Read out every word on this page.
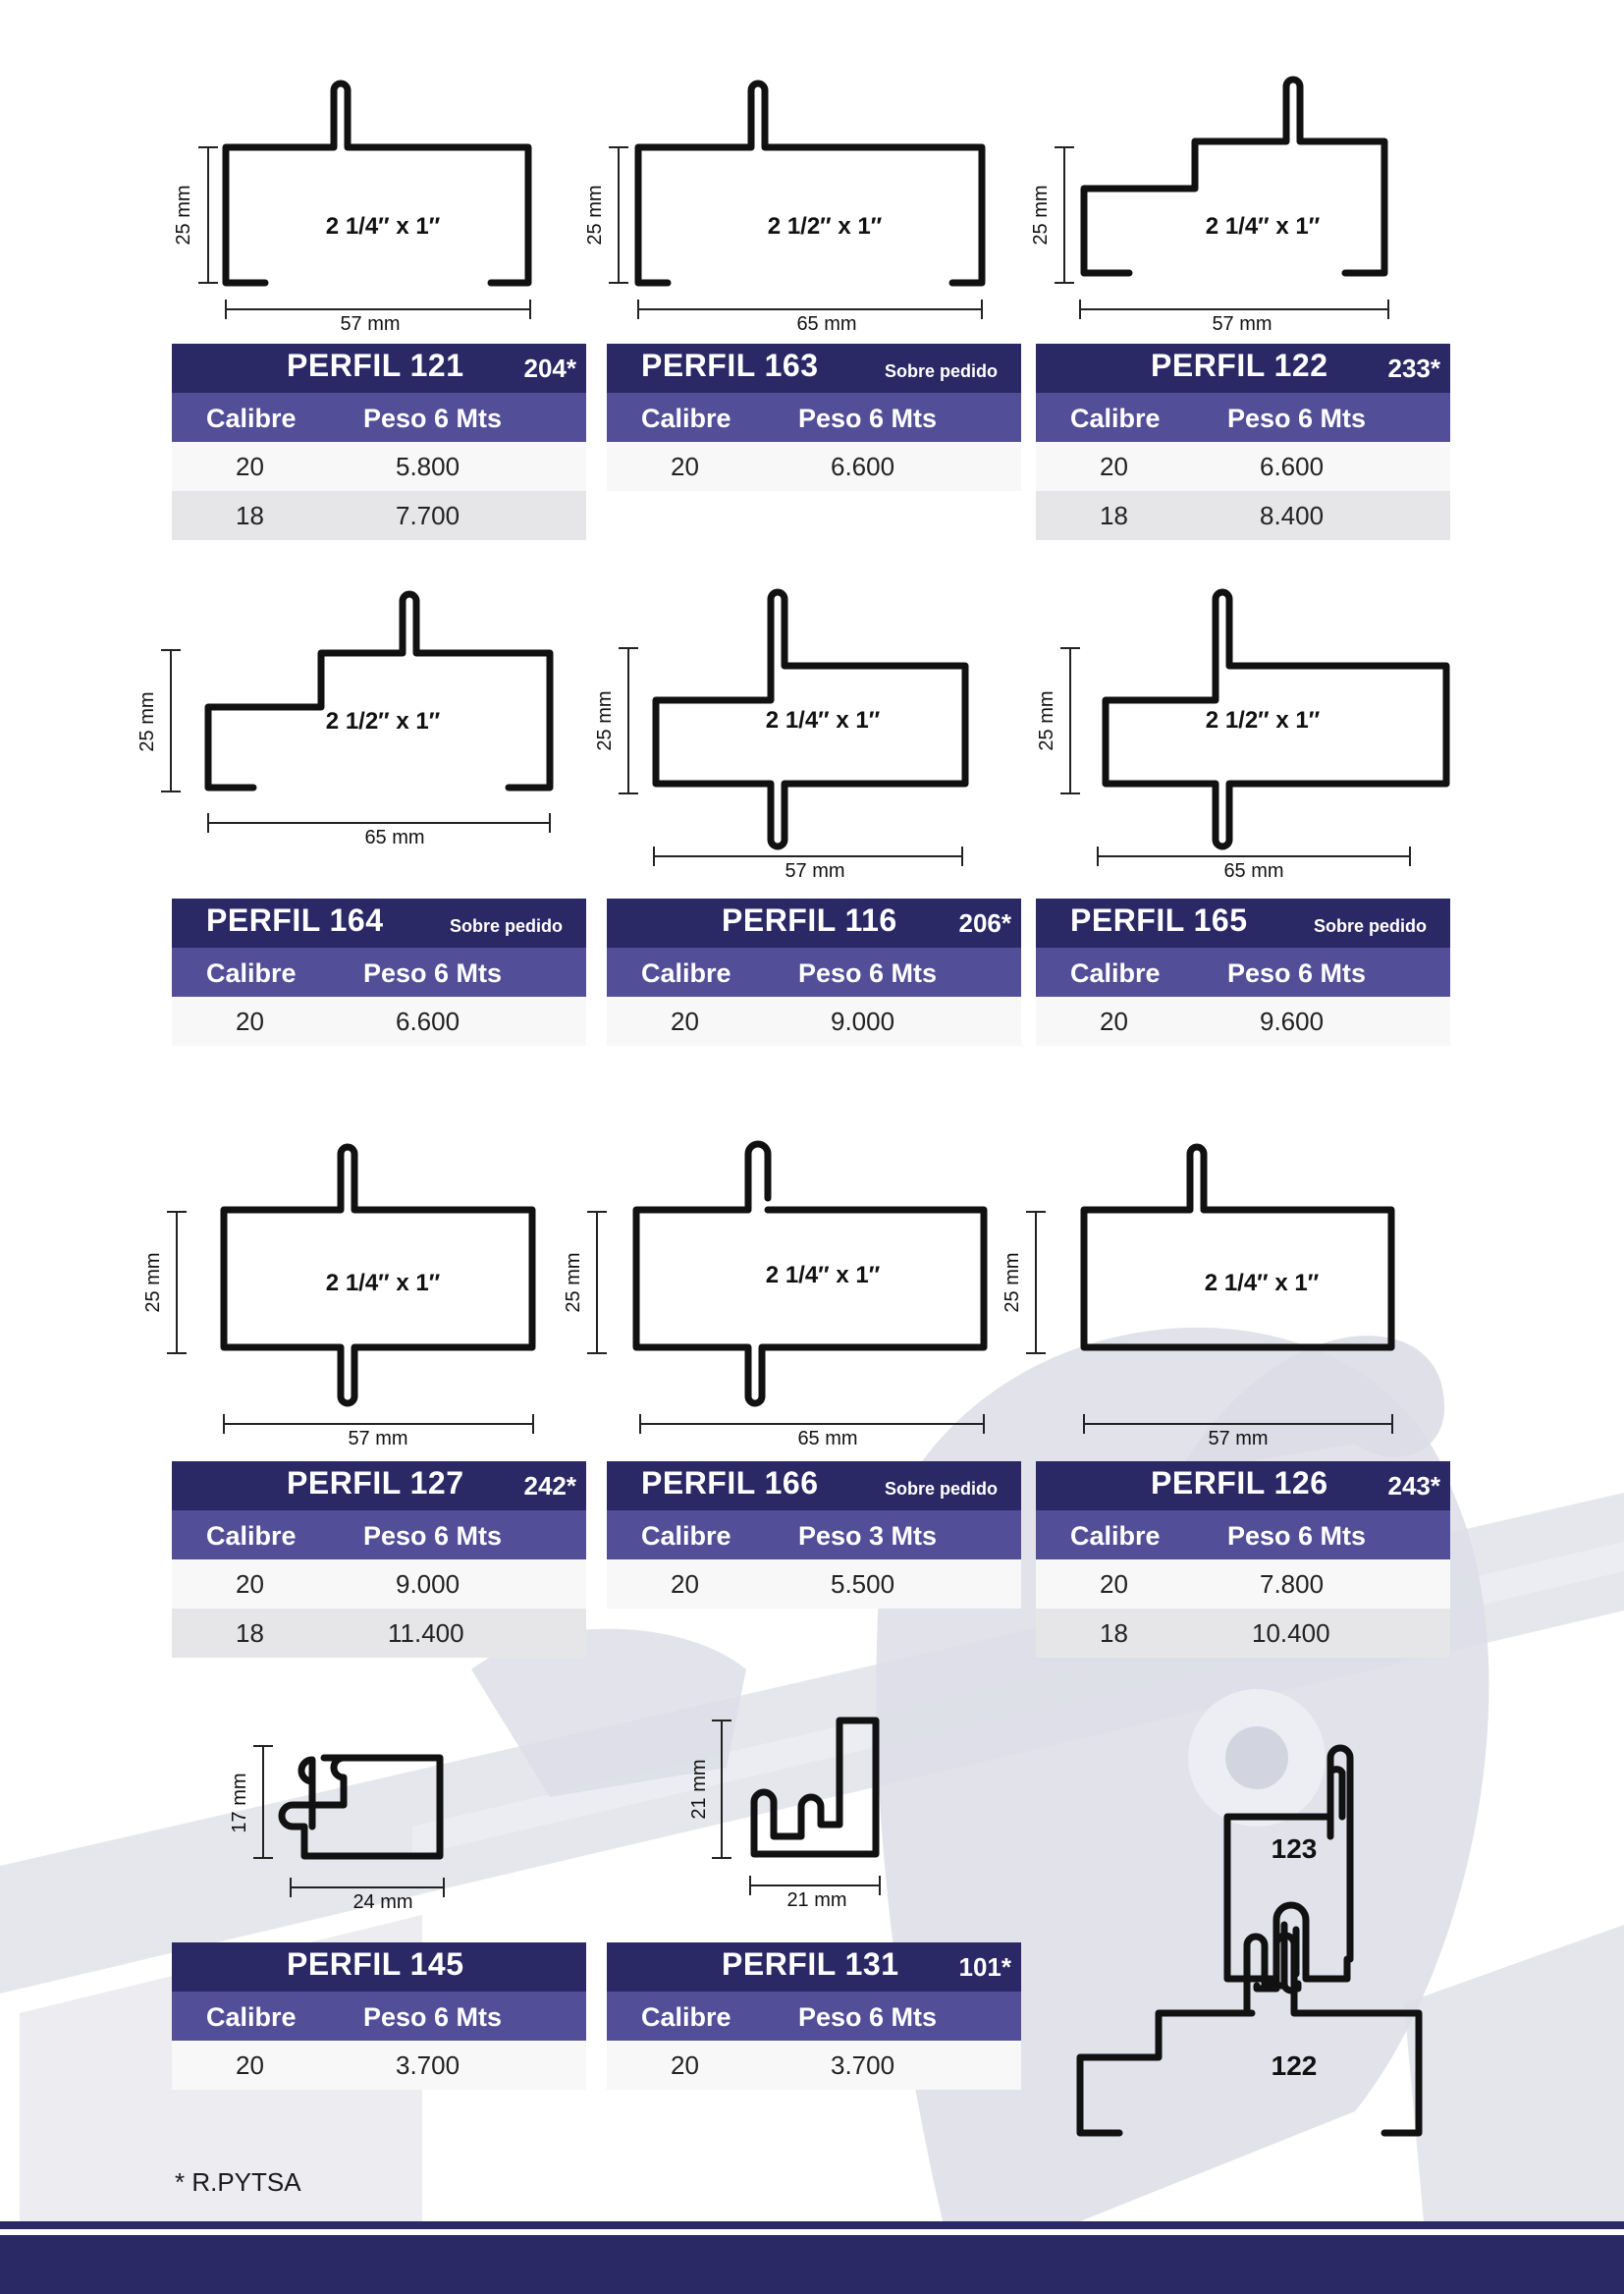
25 mm	2 1/4″ x 1″
57 mm
25 mm	2 1/2″ x 1″
65 mm
25 mm	2 1/4″ x 1″
57 mm
PERFIL 121 204*
Calibre	Peso 6 Mts
20	5.800
18	7.700
PERFIL 163	Sobre pedido
Calibre	Peso 6 Mts
20	6.600
PERFIL 122 233*
Calibre	Peso 6 Mts
20	6.600
18	8.400
25 mm	2 1/2″ x 1″
65 mm
25 mm	2 1/4″ x 1″
57 mm
25 mm	2 1/2″ x 1″
65 mm
PERFIL 164	Sobre pedido
Calibre	Peso 6 Mts
20	6.600
PERFIL 116 206*
Calibre	Peso 6 Mts
20	9.000
PERFIL 165	Sobre pedido
Calibre	Peso 6 Mts
20	9.600
25 mm	2 1/4″ x 1″
57 mm
25 mm	2 1/4″ x 1″
65 mm
25 mm	2 1/4″ x 1″
57 mm
PERFIL 127 242*
Calibre	Peso 6 Mts
20	9.000
18	11.400
PERFIL 166	Sobre pedido
Calibre	Peso 3 Mts
20	5.500
PERFIL 126 243*
Calibre	Peso 6 Mts
20	7.800
18	10.400
17 mm
24 mm
21 mm
21 mm
PERFIL 145
Calibre	Peso 6 Mts
20	3.700
PERFIL 131 101*
Calibre	Peso 6 Mts
20	3.700
123
122
* R.PYTSA
